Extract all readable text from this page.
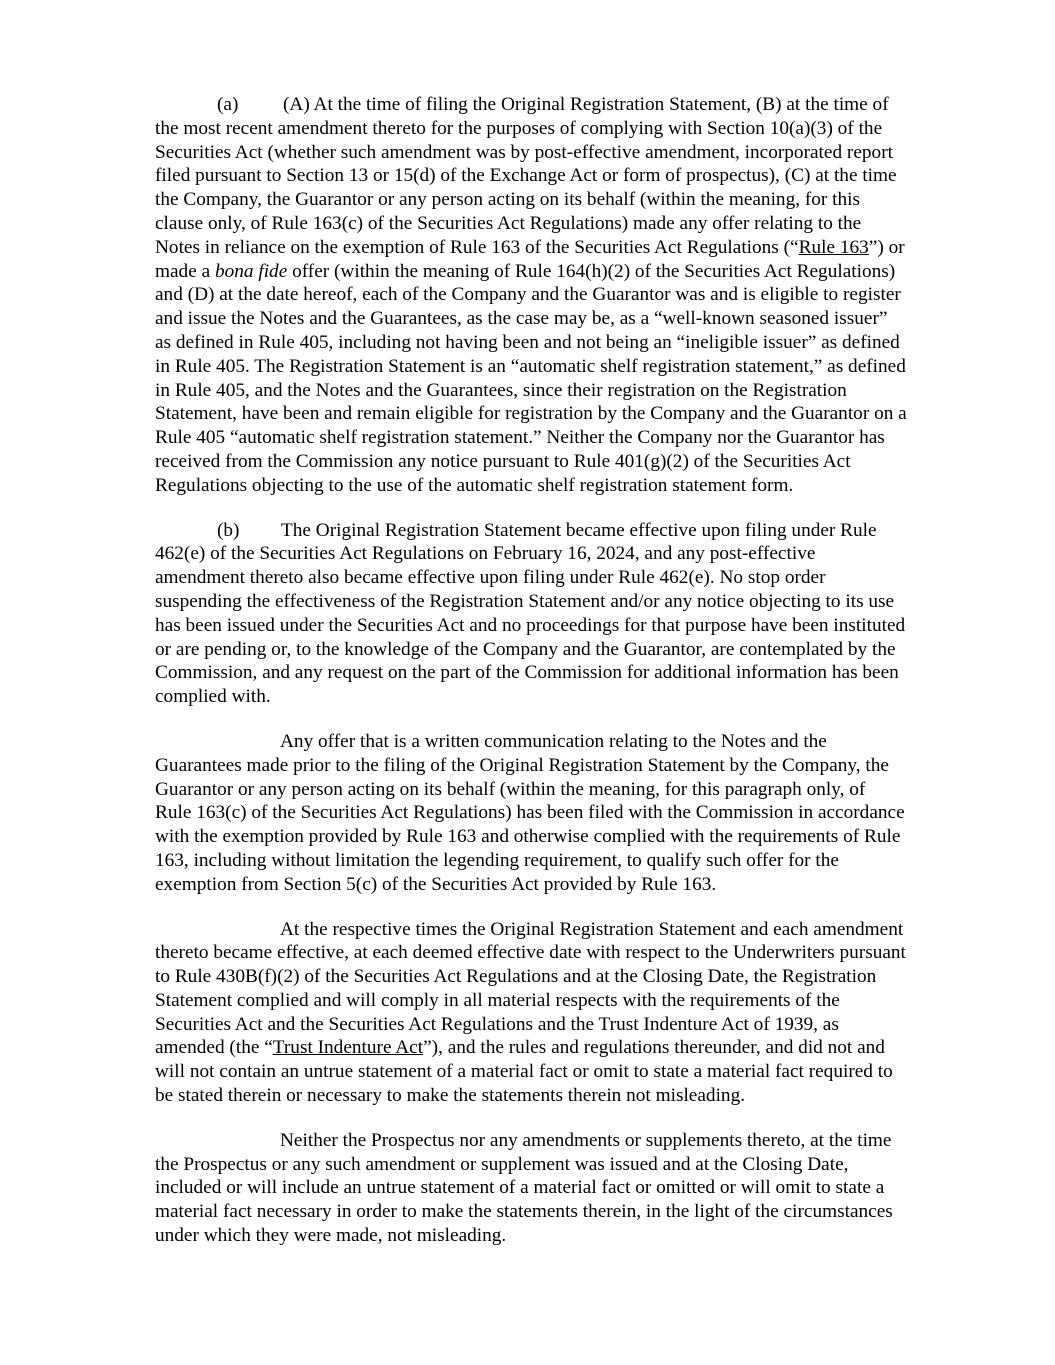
(a) (A) At the time of filing the Original Registration Statement, (B) at the time of
the most recent amendment thereto for the purposes of complying with Section 10(a)(3) of the
Securities Act (whether such amendment was by post-effective amendment, incorporated report
filed pursuant to Section 13 or 15(d) of the Exchange Act or form of prospectus), (C) at the time
the Company, the Guarantor or any person acting on its behalf (within the meaning, for this
clause only, of Rule 163(c) of the Securities Act Regulations) made any offer relating to the
Notes in reliance on the exemption of Rule 163 of the Securities Act Regulations (“Rule 163”) or
made a bona fide offer (within the meaning of Rule 164(h)(2) of the Securities Act Regulations)
and (D) at the date hereof, each of the Company and the Guarantor was and is eligible to register
and issue the Notes and the Guarantees, as the case may be, as a “well-known seasoned issuer”
as defined in Rule 405, including not having been and not being an “ineligible issuer” as defined
in Rule 405. The Registration Statement is an “automatic shelf registration statement,” as defined
in Rule 405, and the Notes and the Guarantees, since their registration on the Registration
Statement, have been and remain eligible for registration by the Company and the Guarantor on a
Rule 405 “automatic shelf registration statement.” Neither the Company nor the Guarantor has
received from the Commission any notice pursuant to Rule 401(g)(2) of the Securities Act
Regulations objecting to the use of the automatic shelf registration statement form.

(b) The Original Registration Statement became effective upon filing under Rule
462(e) of the Securities Act Regulations on February 16, 2024, and any post-effective
amendment thereto also became effective upon filing under Rule 462(e). No stop order
suspending the effectiveness of the Registration Statement and/or any notice objecting to its use
has been issued under the Securities Act and no proceedings for that purpose have been instituted
or are pending or, to the knowledge of the Company and the Guarantor, are contemplated by the
Commission, and any request on the part of the Commission for additional information has been
complied with.

Any offer that is a written communication relating to the Notes and the
Guarantees made prior to the filing of the Original Registration Statement by the Company, the
Guarantor or any person acting on its behalf (within the meaning, for this paragraph only, of
Rule 163(c) of the Securities Act Regulations) has been filed with the Commission in accordance
with the exemption provided by Rule 163 and otherwise complied with the requirements of Rule
163, including without limitation the legending requirement, to qualify such offer for the
exemption from Section 5(c) of the Securities Act provided by Rule 163.

At the respective times the Original Registration Statement and each amendment
thereto became effective, at each deemed effective date with respect to the Underwriters pursuant
to Rule 430B(f)(2) of the Securities Act Regulations and at the Closing Date, the Registration
Statement complied and will comply in all material respects with the requirements of the
Securities Act and the Securities Act Regulations and the Trust Indenture Act of 1939, as
amended (the “Trust Indenture Act”), and the rules and regulations thereunder, and did not and
will not contain an untrue statement of a material fact or omit to state a material fact required to
be stated therein or necessary to make the statements therein not misleading.

Neither the Prospectus nor any amendments or supplements thereto, at the time
the Prospectus or any such amendment or supplement was issued and at the Closing Date,
included or will include an untrue statement of a material fact or omitted or will omit to state a
material fact necessary in order to make the statements therein, in the light of the circumstances
under which they were made, not misleading.
